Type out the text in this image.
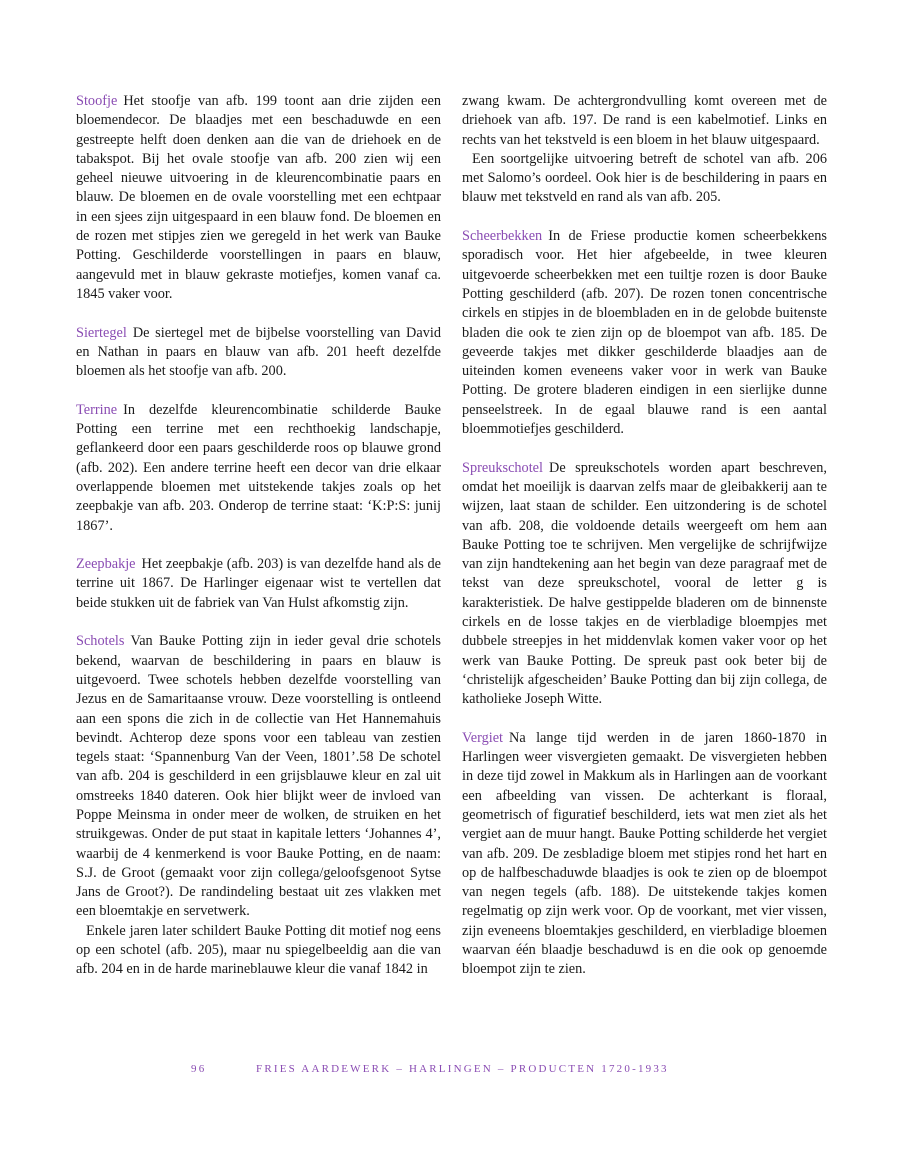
Stoofje Het stoofje van afb. 199 toont aan drie zijden een bloemendecor. De blaadjes met een beschaduwde en een gestreepte helft doen denken aan die van de driehoek en de tabakspot. Bij het ovale stoofje van afb. 200 zien wij een geheel nieuwe uitvoering in de kleurencombinatie paars en blauw. De bloemen en de ovale voorstelling met een echtpaar in een sjees zijn uitgespaard in een blauw fond. De bloemen en de rozen met stipjes zien we geregeld in het werk van Bauke Potting. Geschilderde voorstellingen in paars en blauw, aangevuld met in blauw gekraste motiefjes, komen vanaf ca. 1845 vaker voor.

Siertegel De siertegel met de bijbelse voorstelling van David en Nathan in paars en blauw van afb. 201 heeft dezelfde bloemen als het stoofje van afb. 200.

Terrine In dezelfde kleurencombinatie schilderde Bauke Potting een terrine met een rechthoekig landschapje, geflankeerd door een paars geschilderde roos op blauwe grond (afb. 202). Een andere terrine heeft een decor van drie elkaar overlappende bloemen met uitstekende takjes zoals op het zeepbakje van afb. 203. Onderop de terrine staat: ‘K:P:S: junij 1867’.

Zeepbakje Het zeepbakje (afb. 203) is van dezelfde hand als de terrine uit 1867. De Harlinger eigenaar wist te vertellen dat beide stukken uit de fabriek van Van Hulst afkomstig zijn.

Schotels Van Bauke Potting zijn in ieder geval drie schotels bekend, waarvan de beschildering in paars en blauw is uitgevoerd. Twee schotels hebben dezelfde voorstelling van Jezus en de Samaritaanse vrouw. Deze voorstelling is ontleend aan een spons die zich in de collectie van Het Hannemahuis bevindt. Achterop deze spons voor een tableau van zestien tegels staat: ‘Spannenburg Van der Veen, 1801’.58 De schotel van afb. 204 is geschilderd in een grijsblauwe kleur en zal uit omstreeks 1840 dateren. Ook hier blijkt weer de invloed van Poppe Meinsma in onder meer de wolken, de struiken en het struikgewas. Onder de put staat in kapitale letters ‘Johannes 4’, waarbij de 4 kenmerkend is voor Bauke Potting, en de naam: S.J. de Groot (gemaakt voor zijn collega/geloofsgenoot Sytse Jans de Groot?). De randindeling bestaat uit zes vlakken met een bloemtakje en servetwerk.

Enkele jaren later schildert Bauke Potting dit motief nog eens op een schotel (afb. 205), maar nu spiegelbeeldig aan die van afb. 204 en in de harde marineblauwe kleur die vanaf 1842 in

zwang kwam. De achtergrondvulling komt overeen met de driehoek van afb. 197. De rand is een kabelmotief. Links en rechts van het tekstveld is een bloem in het blauw uitgespaard.

Een soortgelijke uitvoering betreft de schotel van afb. 206 met Salomo’s oordeel. Ook hier is de beschildering in paars en blauw met tekstveld en rand als van afb. 205.

Scheerbekken In de Friese productie komen scheerbekkens sporadisch voor. Het hier afgebeelde, in twee kleuren uitgevoerde scheerbekken met een tuiltje rozen is door Bauke Potting geschilderd (afb. 207). De rozen tonen concentrische cirkels en stipjes in de bloembladen en in de gelobde buitenste bladen die ook te zien zijn op de bloempot van afb. 185. De geveerde takjes met dikker geschilderde blaadjes aan de uiteinden komen eveneens vaker voor in werk van Bauke Potting. De grotere bladeren eindigen in een sierlijke dunne penseelstreek. In de egaal blauwe rand is een aantal bloemmotiefjes geschilderd.

Spreukschotel De spreukschotels worden apart beschreven, omdat het moeilijk is daarvan zelfs maar de gleibakkerij aan te wijzen, laat staan de schilder. Een uitzondering is de schotel van afb. 208, die voldoende details weergeeft om hem aan Bauke Potting toe te schrijven. Men vergelijke de schrijfwijze van zijn handtekening aan het begin van deze paragraaf met de tekst van deze spreukschotel, vooral de letter g is karakteristiek. De halve gestippelde bladeren om de binnenste cirkels en de losse takjes en de vierbladige bloempjes met dubbele streepjes in het middenvlak komen vaker voor op het werk van Bauke Potting. De spreuk past ook beter bij de ‘christelijk afgescheiden’ Bauke Potting dan bij zijn collega, de katholieke Joseph Witte.

Vergiet Na lange tijd werden in de jaren 1860-1870 in Harlingen weer visvergieten gemaakt. De visvergieten hebben in deze tijd zowel in Makkum als in Harlingen aan de voorkant een afbeelding van vissen. De achterkant is floraal, geometrisch of figuratief beschilderd, iets wat men ziet als het vergiet aan de muur hangt. Bauke Potting schilderde het vergiet van afb. 209. De zesbladige bloem met stipjes rond het hart en op de halfbeschaduwde blaadjes is ook te zien op de bloempot van negen tegels (afb. 188). De uitstekende takjes komen regelmatig op zijn werk voor. Op de voorkant, met vier vissen, zijn eveneens bloemtakjes geschilderd, en vierbladige bloemen waarvan één blaadje beschaduwd is en die ook op genoemde bloempot zijn te zien.

96	FRIES AARDEWERK – HARLINGEN – PRODUCTEN 1720-1933
